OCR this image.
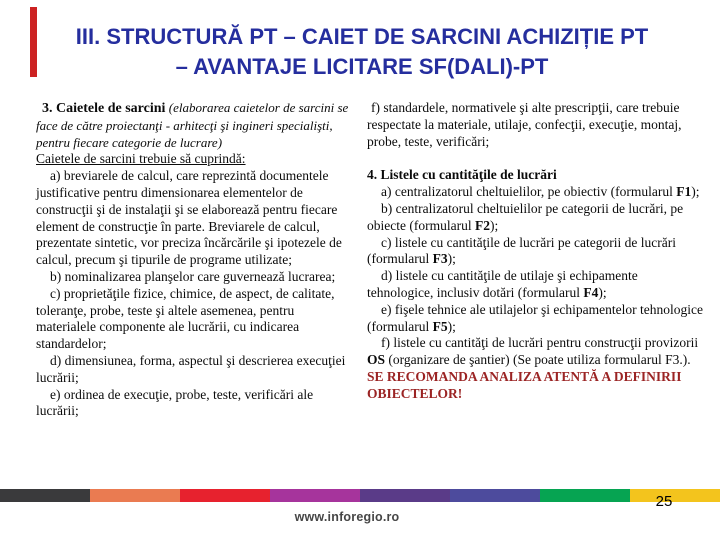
III. STRUCTURĂ PT – CAIET DE SARCINI ACHIZIȚIE PT
– AVANTAJE LICITARE SF(DALI)-PT

3. Caietele de sarcini (elaborarea caietelor de sarcini se face de către proiectanţi - arhitecţi şi ingineri specialişti, pentru fiecare categorie de lucrare)

Caietele de sarcini trebuie să cuprindă:

a) breviarele de calcul, care reprezintă documentele justificative pentru dimensionarea elementelor de construcţii şi de instalaţii şi se elaborează pentru fiecare element de construcţie în parte. Breviarele de calcul, prezentate sintetic, vor preciza încărcările şi ipotezele de calcul, precum şi tipurile de programe utilizate;

b) nominalizarea planşelor care guvernează lucrarea;

c) proprietăţile fizice, chimice, de aspect, de calitate, toleranţe, probe, teste şi altele asemenea, pentru materialele componente ale lucrării, cu indicarea standardelor;

d) dimensiunea, forma, aspectul şi descrierea execuţiei lucrării;

e) ordinea de execuţie, probe, teste, verificări ale lucrării;

f) standardele, normativele şi alte prescripţii, care trebuie respectate la materiale, utilaje, confecţii, execuţie, montaj, probe, teste, verificări;

4. Listele cu cantităţile de lucrări

a) centralizatorul cheltuielilor, pe obiectiv (formularul F1);

b) centralizatorul cheltuielilor pe categorii de lucrări, pe obiecte (formularul F2);

c) listele cu cantităţile de lucrări pe categorii de lucrări (formularul F3);

d) listele cu cantităţile de utilaje şi echipamente tehnologice, inclusiv dotări (formularul F4);

e) fişele tehnice ale utilajelor şi echipamentelor tehnologice (formularul F5);

f) listele cu cantităţi de lucrări pentru construcţii provizorii OS (organizare de şantier) (Se poate utiliza formularul F3.).

SE RECOMANDA ANALIZA ATENTĂ A DEFINIRII OBIECTELOR!

25
www.inforegio.ro
